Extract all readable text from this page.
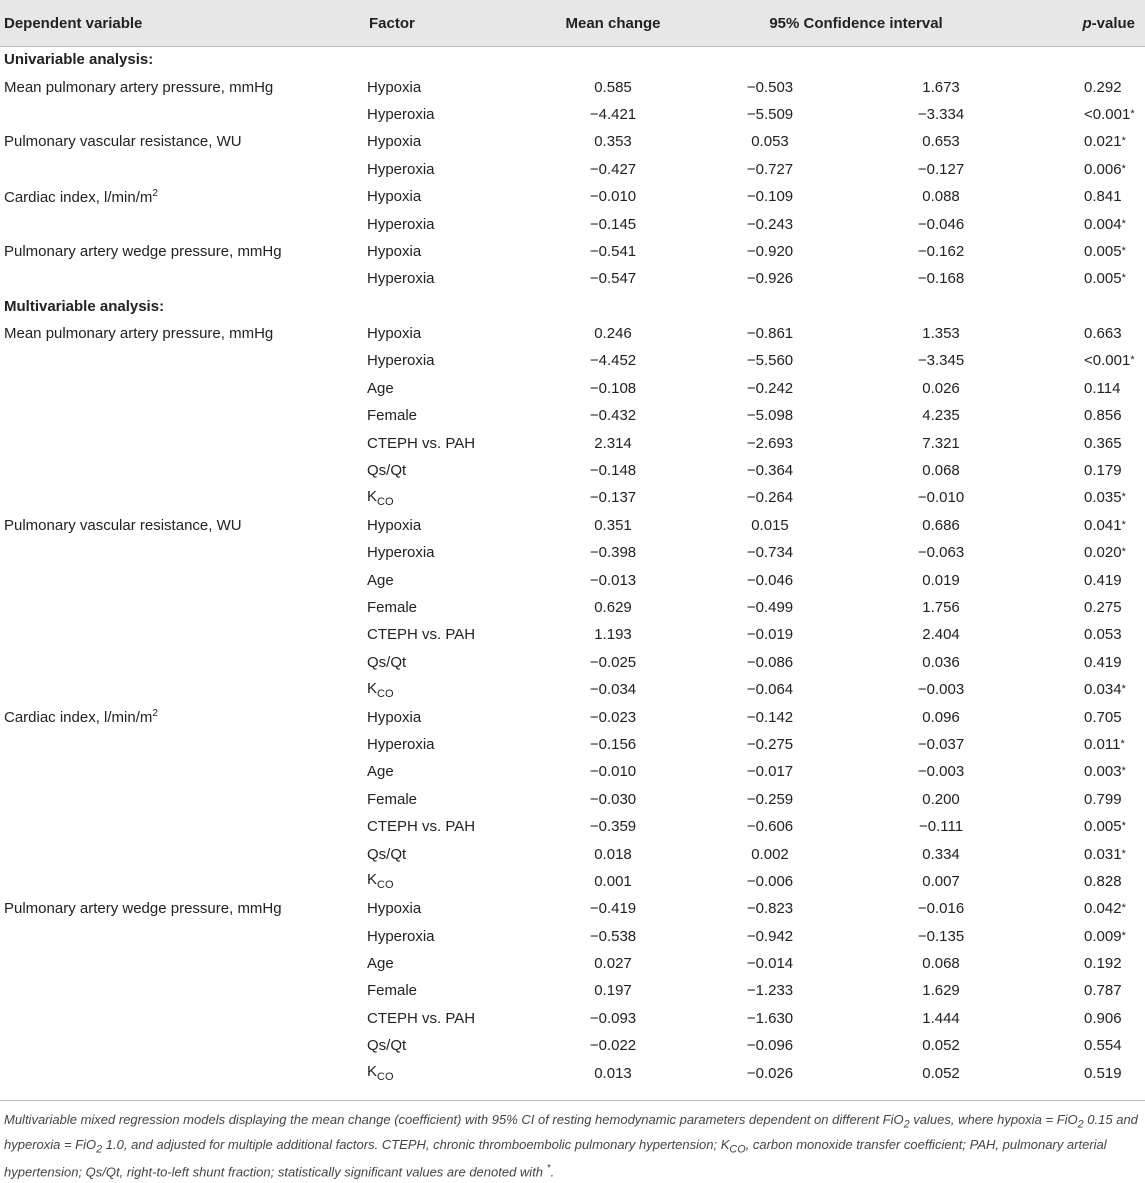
Dependent variable	Factor	Mean change	95% Confidence interval		p-value
Univariable analysis:					
Mean pulmonary artery pressure, mmHg	Hypoxia	0.585	−0.503	1.673	0.292
	Hyperoxia	−4.421	−5.509	−3.334	<0.001*
Pulmonary vascular resistance, WU	Hypoxia	0.353	0.053	0.653	0.021*
	Hyperoxia	−0.427	−0.727	−0.127	0.006*
Cardiac index, $l/\min/m^2$	Hypoxia	−0.010	−0.109	0.088	0.841
	Hyperoxia	−0.145	−0.243	−0.046	0.004*
Pulmonary artery wedge pressure, mmHg	Hypoxia	−0.541	−0.920	−0.162	0.005*
	Hyperoxia	−0.547	−0.926	−0.168	0.005*
Multivariable analysis:					
Mean pulmonary artery pressure, mmHg	Hypoxia	0.246	−0.861	1.353	0.663
	Hyperoxia	−4.452	−5.560	−3.345	<0.001*
	Age	−0.108	−0.242	0.026	0.114
	Female	−0.432	−5.098	4.235	0.856
	CTEPH vs. PAH	2.314	−2.693	7.321	0.365
	Qs/Qt	−0.148	−0.364	0.068	0.179
	$K_{CO}$	−0.137	−0.264	−0.010	0.035*
Pulmonary vascular resistance, WU	Hypoxia	0.351	0.015	0.686	0.041*
	Hyperoxia	−0.398	−0.734	−0.063	0.020*
	Age	−0.013	−0.046	0.019	0.419
	Female	0.629	−0.499	1.756	0.275
	CTEPH vs. PAH	1.193	−0.019	2.404	0.053
	Qs/Qt	−0.025	−0.086	0.036	0.419
	$K_{CO}$	−0.034	−0.064	−0.003	0.034*
Cardiac index, $l/\min/m^2$	Hypoxia	−0.023	−0.142	0.096	0.705
	Hyperoxia	−0.156	−0.275	−0.037	0.011*
	Age	−0.010	−0.017	−0.003	0.003*
	Female	−0.030	−0.259	0.200	0.799
	CTEPH vs. PAH	−0.359	−0.606	−0.111	0.005*
	Qs/Qt	0.018	0.002	0.334	0.031*
	$K_{CO}$	0.001	−0.006	0.007	0.828
Pulmonary artery wedge pressure, mmHg	Hypoxia	−0.419	−0.823	−0.016	0.042*
	Hyperoxia	−0.538	−0.942	−0.135	0.009*
	Age	0.027	−0.014	0.068	0.192
	Female	0.197	−1.233	1.629	0.787
	CTEPH vs. PAH	−0.093	−1.630	1.444	0.906
	Qs/Qt	−0.022	−0.096	0.052	0.554
	$K_{CO}$	0.013	−0.026	0.052	0.519
Multivariable mixed regression models displaying the mean change (coefficient) with 95% CI of resting hemodynamic parameters dependent on different FiO$_2$ values, where hypoxia = FiO$_2$ 0.15 and hyperoxia = FiO$_2$ 1.0, and adjusted for multiple additional factors. CTEPH, chronic thromboembolic pulmonary hypertension; $K_{CO}$, carbon monoxide transfer coefficient; PAH, pulmonary arterial hypertension; Qs/Qt, right-to-left shunt fraction; statistically significant values are denoted with *.
